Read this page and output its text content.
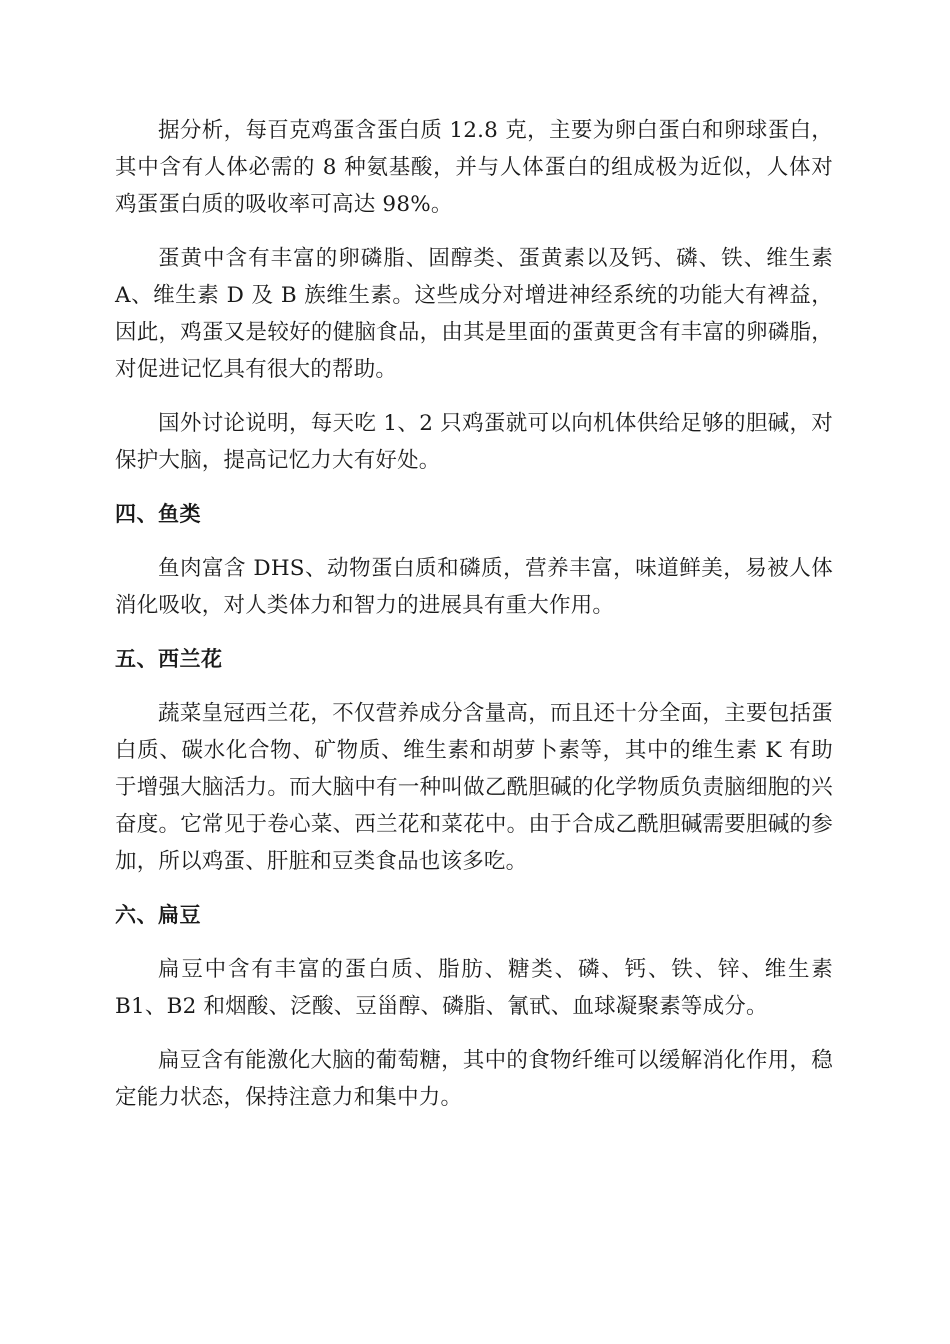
据分析，每百克鸡蛋含蛋白质 12.8 克，主要为卵白蛋白和卵球蛋白，其中含有人体必需的 8 种氨基酸，并与人体蛋白的组成极为近似，人体对鸡蛋蛋白质的吸收率可高达 98%。

蛋黄中含有丰富的卵磷脂、固醇类、蛋黄素以及钙、磷、铁、维生素 A、维生素 D 及 B 族维生素。这些成分对增进神经系统的功能大有裨益，因此，鸡蛋又是较好的健脑食品，由其是里面的蛋黄更含有丰富的卵磷脂，对促进记忆具有很大的帮助。

国外讨论说明，每天吃 1、2 只鸡蛋就可以向机体供给足够的胆碱，对保护大脑，提高记忆力大有好处。

四、鱼类

鱼肉富含 DHS、动物蛋白质和磷质，营养丰富，味道鲜美，易被人体消化吸收，对人类体力和智力的进展具有重大作用。

五、西兰花

蔬菜皇冠西兰花，不仅营养成分含量高，而且还十分全面，主要包括蛋白质、碳水化合物、矿物质、维生素和胡萝卜素等，其中的维生素 K 有助于增强大脑活力。而大脑中有一种叫做乙酰胆碱的化学物质负责脑细胞的兴奋度。它常见于卷心菜、西兰花和菜花中。由于合成乙酰胆碱需要胆碱的参加，所以鸡蛋、肝脏和豆类食品也该多吃。

六、扁豆

扁豆中含有丰富的蛋白质、脂肪、糖类、磷、钙、铁、锌、维生素 B1、B2 和烟酸、泛酸、豆甾醇、磷脂、氰甙、血球凝聚素等成分。

扁豆含有能激化大脑的葡萄糖，其中的食物纤维可以缓解消化作用，稳定能力状态，保持注意力和集中力。
